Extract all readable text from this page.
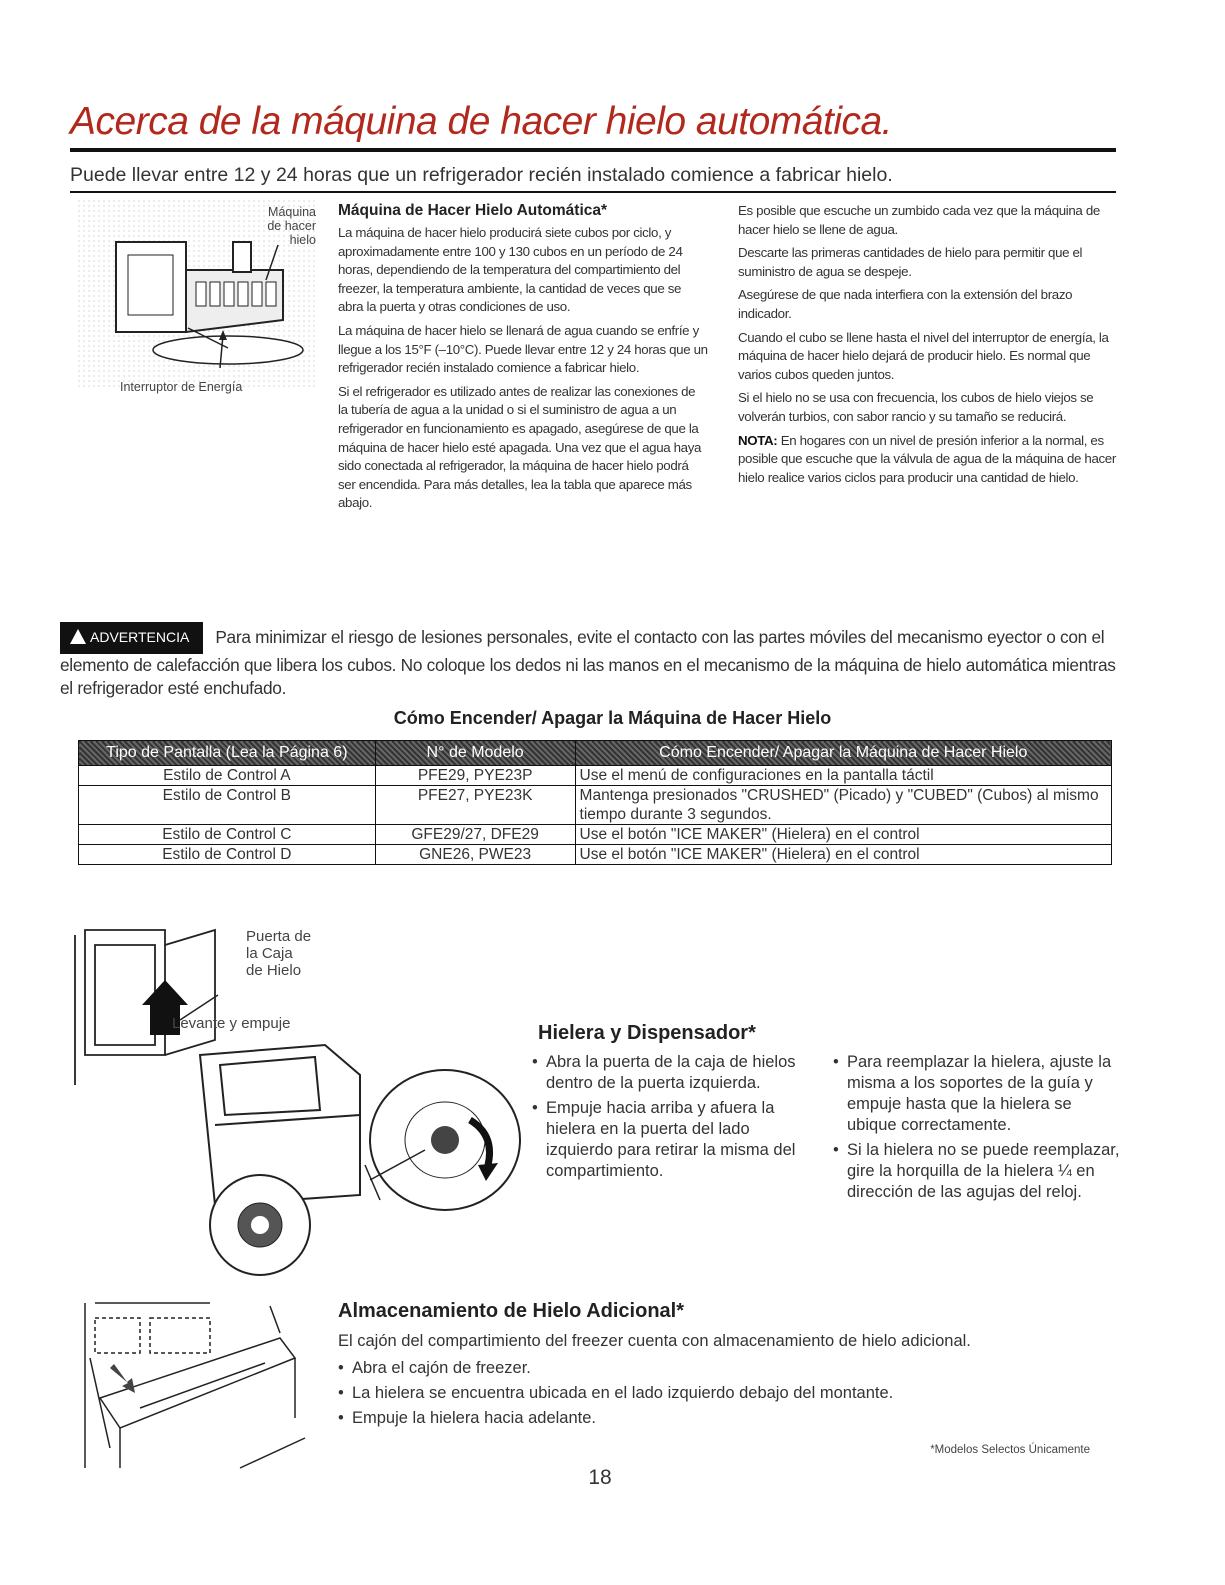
Acerca de la máquina de hacer hielo automática.
Puede llevar entre 12 y 24 horas que un refrigerador recién instalado comience a fabricar hielo.
Máquina
de hacer
hielo
Interruptor de Energía
Máquina de Hacer Hielo Automática*

La máquina de hacer hielo producirá siete cubos por ciclo, y aproximadamente entre 100 y 130 cubos en un período de 24 horas, dependiendo de la temperatura del compartimiento del freezer, la temperatura ambiente, la cantidad de veces que se abra la puerta y otras condiciones de uso.

La máquina de hacer hielo se llenará de agua cuando se enfríe y llegue a los 15°F (–10°C). Puede llevar entre 12 y 24 horas que un refrigerador recién instalado comience a fabricar hielo.

Si el refrigerador es utilizado antes de realizar las conexiones de la tubería de agua a la unidad o si el suministro de agua a un refrigerador en funcionamiento es apagado, asegúrese de que la máquina de hacer hielo esté apagada. Una vez que el agua haya sido conectada al refrigerador, la máquina de hacer hielo podrá ser encendida. Para más detalles, lea la tabla que aparece más abajo.

Es posible que escuche un zumbido cada vez que la máquina de hacer hielo se llene de agua.

Descarte las primeras cantidades de hielo para permitir que el suministro de agua se despeje.

Asegúrese de que nada interfiera con la extensión del brazo indicador.

Cuando el cubo se llene hasta el nivel del interruptor de energía, la máquina de hacer hielo dejará de producir hielo. Es normal que varios cubos queden juntos.

Si el hielo no se usa con frecuencia, los cubos de hielo viejos se volverán turbios, con sabor rancio y su tamaño se reducirá.

NOTA: En hogares con un nivel de presión inferior a la normal, es posible que escuche que la válvula de agua de la máquina de hacer hielo realice varios ciclos para producir una cantidad de hielo.

ADVERTENCIA Para minimizar el riesgo de lesiones personales, evite el contacto con las partes móviles del mecanismo eyector o con el elemento de calefacción que libera los cubos. No coloque los dedos ni las manos en el mecanismo de la máquina de hielo automática mientras el refrigerador esté enchufado.
Cómo Encender/ Apagar la Máquina de Hacer Hielo
Tipo de Pantalla (Lea la Página 6)	N° de Modelo	Cómo Encender/ Apagar la Máquina de Hacer Hielo
Estilo de Control A	PFE29, PYE23P	Use el menú de configuraciones en la pantalla táctil
Estilo de Control B	PFE27, PYE23K	Mantenga presionados "CRUSHED" (Picado) y "CUBED" (Cubos) al mismo tiempo durante 3 segundos.
Estilo de Control C	GFE29/27, DFE29	Use el botón "ICE MAKER" (Hielera) en el control
Estilo de Control D	GNE26, PWE23	Use el botón "ICE MAKER" (Hielera) en el control
Puerta de
la Caja
de Hielo
Levante y empuje	Hielera y Dispensador*
• Abra la puerta de la caja de hielos dentro de la puerta izquierda.
• Empuje hacia arriba y afuera la hielera en la puerta del lado izquierdo para retirar la misma del compartimiento.
• Para reemplazar la hielera, ajuste la misma a los soportes de la guía y empuje hasta que la hielera se ubique correctamente.
• Si la hielera no se puede reemplazar, gire la horquilla de la hielera ¼ en dirección de las agujas del reloj.
Almacenamiento de Hielo Adicional*
El cajón del compartimiento del freezer cuenta con almacenamiento de hielo adicional.
• Abra el cajón de freezer.
• La hielera se encuentra ubicada en el lado izquierdo debajo del montante.
• Empuje la hielera hacia adelante.
*Modelos Selectos Únicamente
18
